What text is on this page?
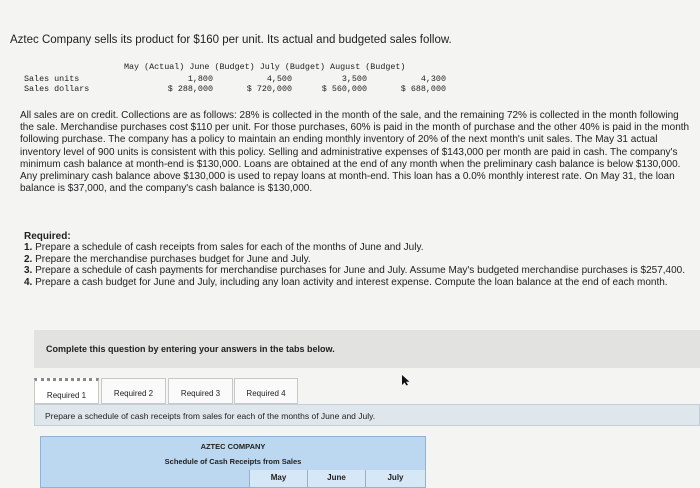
Aztec Company sells its product for $160 per unit. Its actual and budgeted sales follow.
May (Actual) June (Budget) July (Budget) August (Budget)
Sales units	1,800	4,500	3,500	4,300
Sales dollars	$ 288,000	$ 720,000	$ 560,000	$ 688,000

All sales are on credit. Collections are as follows: 28% is collected in the month of the sale, and the remaining 72% is collected in the month following the sale. Merchandise purchases cost $110 per unit. For those purchases, 60% is paid in the month of purchase and the other 40% is paid in the month following purchase. The company has a policy to maintain an ending monthly inventory of 20% of the next month's unit sales. The May 31 actual inventory level of 900 units is consistent with this policy. Selling and administrative expenses of $143,000 per month are paid in cash. The company's minimum cash balance at month-end is $130,000. Loans are obtained at the end of any month when the preliminary cash balance is below $130,000. Any preliminary cash balance above $130,000 is used to repay loans at month-end. This loan has a 0.0% monthly interest rate. On May 31, the loan balance is $37,000, and the company's cash balance is $130,000.

Required:
1. Prepare a schedule of cash receipts from sales for each of the months of June and July.
2. Prepare the merchandise purchases budget for June and July.
3. Prepare a schedule of cash payments for merchandise purchases for June and July. Assume May's budgeted merchandise purchases is $257,400.
4. Prepare a cash budget for June and July, including any loan activity and interest expense. Compute the loan balance at the end of each month.
Complete this question by entering your answers in the tabs below.
Required 1	Required 2	Required 3	Required 4
Prepare a schedule of cash receipts from sales for each of the months of June and July.
AZTEC COMPANY
Schedule of Cash Receipts from Sales
May	June	July
